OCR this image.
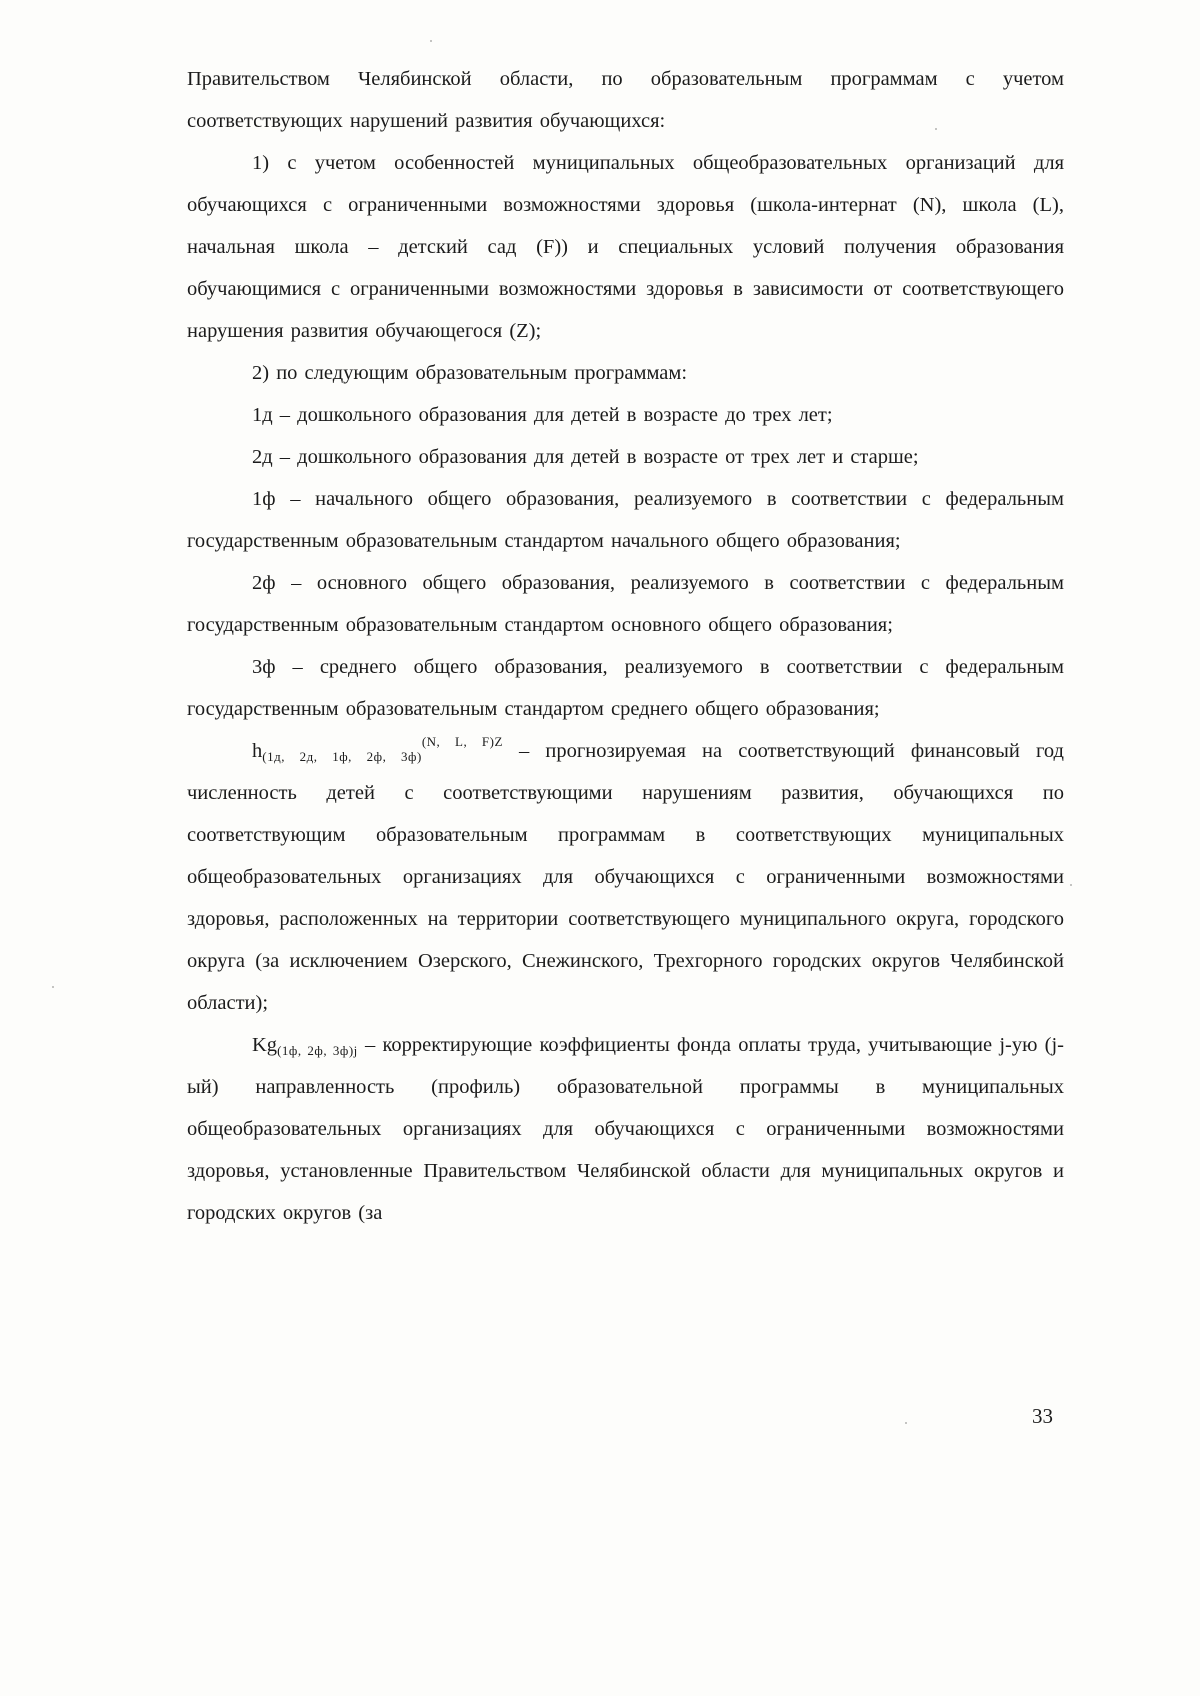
Правительством Челябинской области, по образовательным программам с учетом соответствующих нарушений развития обучающихся:

1) с учетом особенностей муниципальных общеобразовательных организаций для обучающихся с ограниченными возможностями здоровья (школа-интернат (N), школа (L), начальная школа – детский сад (F)) и специальных условий получения образования обучающимися с ограниченными возможностями здоровья в зависимости от соответствующего нарушения развития обучающегося (Z);

2) по следующим образовательным программам:

1д – дошкольного образования для детей в возрасте до трех лет;

2д – дошкольного образования для детей в возрасте от трех лет и старше;

1ф – начального общего образования, реализуемого в соответствии с федеральным государственным образовательным стандартом начального общего образования;

2ф – основного общего образования, реализуемого в соответствии с федеральным государственным образовательным стандартом основного общего образования;

3ф – среднего общего образования, реализуемого в соответствии с федеральным государственным образовательным стандартом среднего общего образования;

$h_{(1д, 2д, 1ф, 2ф, 3ф)}^{(N, L, F)Z}$ – прогнозируемая на соответствующий финансовый год численность детей с соответствующими нарушениям развития, обучающихся по соответствующим образовательным программам в соответствующих муниципальных общеобразовательных организациях для обучающихся с ограниченными возможностями здоровья, расположенных на территории соответствующего муниципального округа, городского округа (за исключением Озерского, Снежинского, Трехгорного городских округов Челябинской области);

$Kg_{(1ф, 2ф, 3ф)j}$ – корректирующие коэффициенты фонда оплаты труда, учитывающие j-ую (j-ый) направленность (профиль) образовательной программы в муниципальных общеобразовательных организациях для обучающихся с ограниченными возможностями здоровья, установленные Правительством Челябинской области для муниципальных округов и городских округов (за

33
